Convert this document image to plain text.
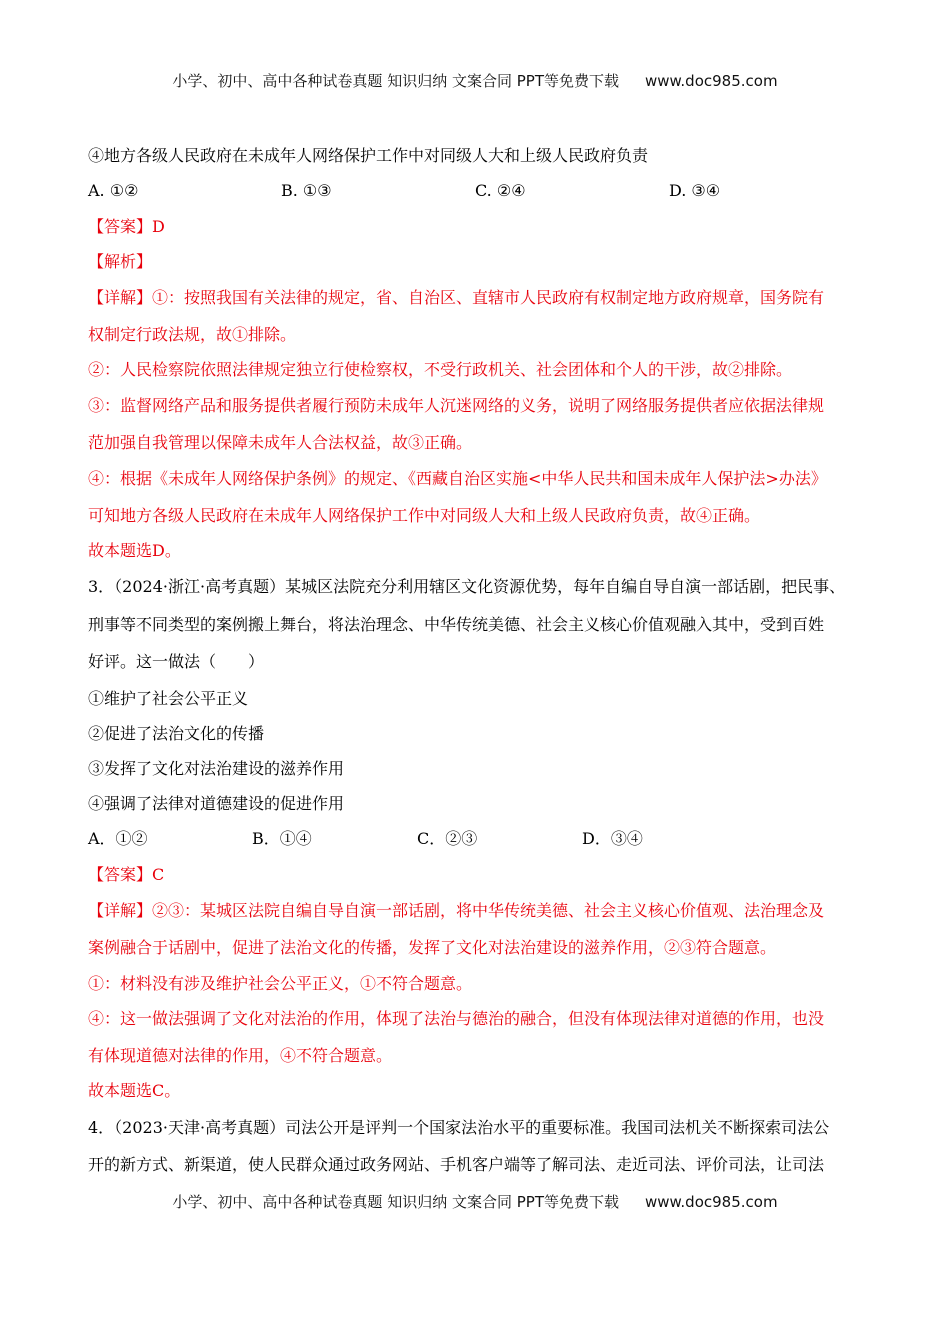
小学、初中、高中各种试卷真题 知识归纳 文案合同 PPT等免费下载 www.doc985.com
④地方各级人民政府在未成年人网络保护工作中对同级人大和上级人民政府负责
A. ①②	B. ①③	C. ②④	D. ③④
【答案】D
【解析】
【详解】①：按照我国有关法律的规定，省、自治区、直辖市人民政府有权制定地方政府规章，国务院有
权制定行政法规，故①排除。
②：人民检察院依照法律规定独立行使检察权，不受行政机关、社会团体和个人的干涉，故②排除。
③：监督网络产品和服务提供者履行预防未成年人沉迷网络的义务，说明了网络服务提供者应依据法律规
范加强自我管理以保障未成年人合法权益，故③正确。
④：根据《未成年人网络保护条例》的规定、《西藏自治区实施<中华人民共和国未成年人保护法>办法》
可知地方各级人民政府在未成年人网络保护工作中对同级人大和上级人民政府负责，故④正确。
故本题选D。
3．（2024·浙江·高考真题）某城区法院充分利用辖区文化资源优势，每年自编自导自演一部话剧，把民事、
刑事等不同类型的案例搬上舞台，将法治理念、中华传统美德、社会主义核心价值观融入其中，受到百姓
好评。这一做法（　　）
①维护了社会公平正义
②促进了法治文化的传播
③发挥了文化对法治建设的滋养作用
④强调了法律对道德建设的促进作用
A．①②	B．①④	C．②③	D．③④
【答案】C
【详解】②③：某城区法院自编自导自演一部话剧，将中华传统美德、社会主义核心价值观、法治理念及
案例融合于话剧中，促进了法治文化的传播，发挥了文化对法治建设的滋养作用，②③符合题意。
①：材料没有涉及维护社会公平正义，①不符合题意。
④：这一做法强调了文化对法治的作用，体现了法治与德治的融合，但没有体现法律对道德的作用，也没
有体现道德对法律的作用，④不符合题意。
故本题选C。
4．（2023·天津·高考真题）司法公开是评判一个国家法治水平的重要标准。我国司法机关不断探索司法公
开的新方式、新渠道，使人民群众通过政务网站、手机客户端等了解司法、走近司法、评价司法，让司法
小学、初中、高中各种试卷真题 知识归纳 文案合同 PPT等免费下载 www.doc985.com
